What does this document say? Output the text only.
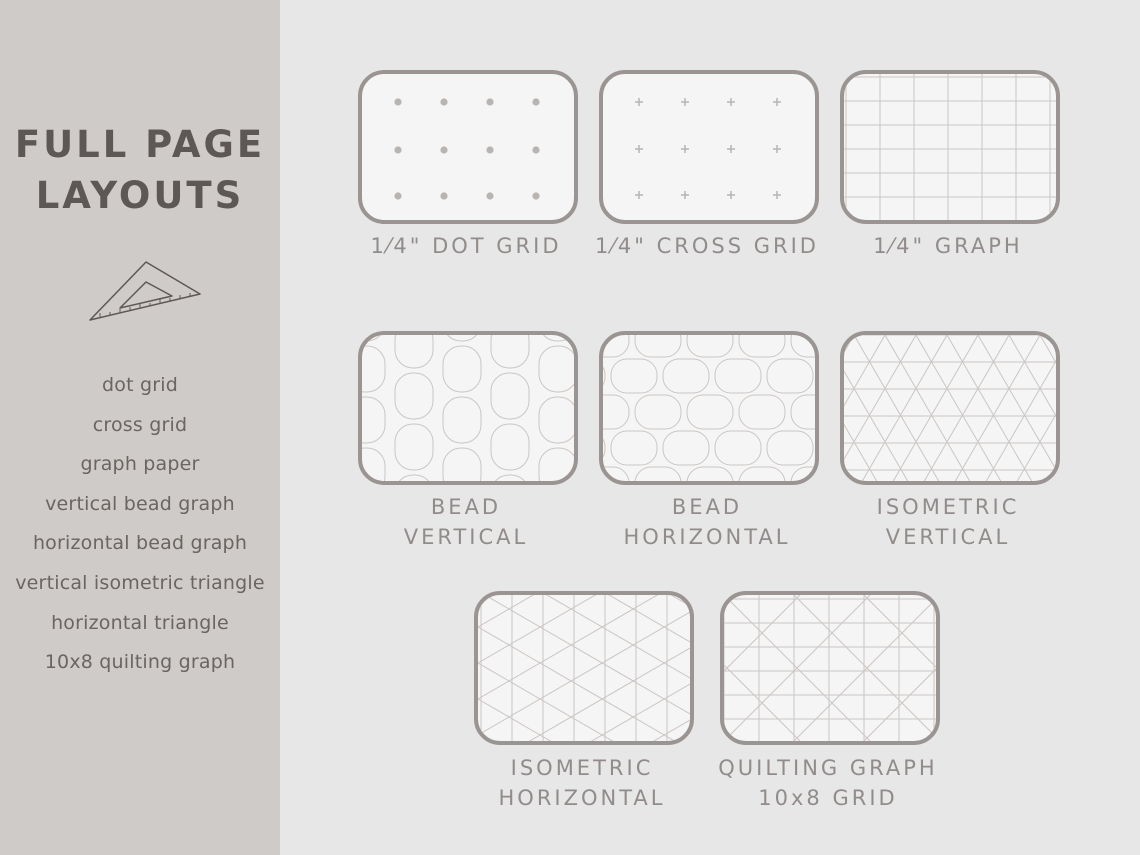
FULL PAGE
LAYOUTS
dot grid
cross grid
graph paper
vertical bead graph
horizontal bead graph
vertical isometric triangle
horizontal triangle
10x8 quilting graph
1⁄4" DOT GRID	1⁄4" CROSS GRID	1⁄4" GRAPH
BEAD
VERTICAL
BEAD
HORIZONTAL
ISOMETRIC
VERTICAL
ISOMETRIC
HORIZONTAL
QUILTING GRAPH
10x8 GRID
